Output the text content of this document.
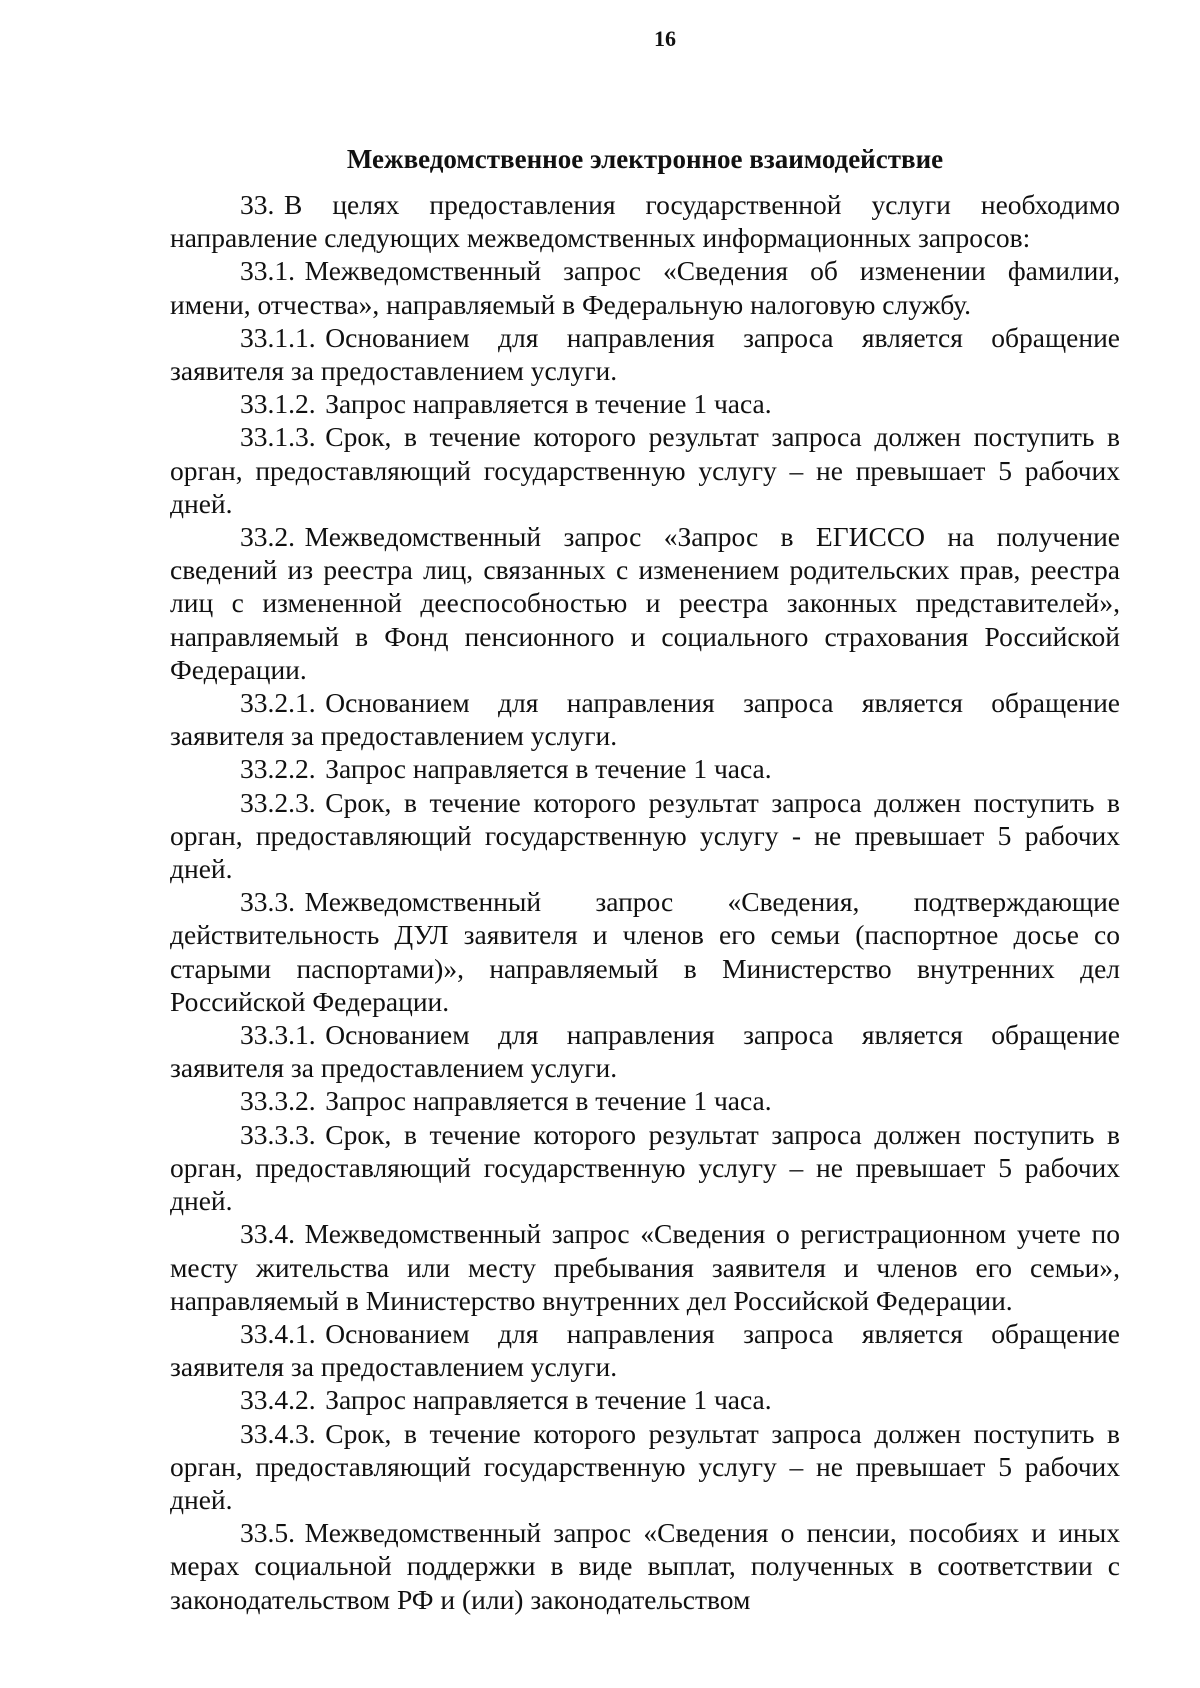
16
Межведомственное электронное взаимодействие

33. В целях предоставления государственной услуги необходимо направление следующих межведомственных информационных запросов:

33.1. Межведомственный запрос «Сведения об изменении фамилии, имени, отчества», направляемый в Федеральную налоговую службу.

33.1.1. Основанием для направления запроса является обращение заявителя за предоставлением услуги.

33.1.2. Запрос направляется в течение 1 часа.

33.1.3. Срок, в течение которого результат запроса должен поступить в орган, предоставляющий государственную услугу – не превышает 5 рабочих дней.

33.2. Межведомственный запрос «Запрос в ЕГИССО на получение сведений из реестра лиц, связанных с изменением родительских прав, реестра лиц с измененной дееспособностью и реестра законных представителей», направляемый в Фонд пенсионного и социального страхования Российской Федерации.

33.2.1. Основанием для направления запроса является обращение заявителя за предоставлением услуги.

33.2.2. Запрос направляется в течение 1 часа.

33.2.3. Срок, в течение которого результат запроса должен поступить в орган, предоставляющий государственную услугу - не превышает 5 рабочих дней.

33.3. Межведомственный запрос «Сведения, подтверждающие действительность ДУЛ заявителя и членов его семьи (паспортное досье со старыми паспортами)», направляемый в Министерство внутренних дел Российской Федерации.

33.3.1. Основанием для направления запроса является обращение заявителя за предоставлением услуги.

33.3.2. Запрос направляется в течение 1 часа.

33.3.3. Срок, в течение которого результат запроса должен поступить в орган, предоставляющий государственную услугу – не превышает 5 рабочих дней.

33.4. Межведомственный запрос «Сведения о регистрационном учете по месту жительства или месту пребывания заявителя и членов его семьи», направляемый в Министерство внутренних дел Российской Федерации.

33.4.1. Основанием для направления запроса является обращение заявителя за предоставлением услуги.

33.4.2. Запрос направляется в течение 1 часа.

33.4.3. Срок, в течение которого результат запроса должен поступить в орган, предоставляющий государственную услугу – не превышает 5 рабочих дней.

33.5. Межведомственный запрос «Сведения о пенсии, пособиях и иных мерах социальной поддержки в виде выплат, полученных в соответствии с законодательством РФ и (или) законодательством
